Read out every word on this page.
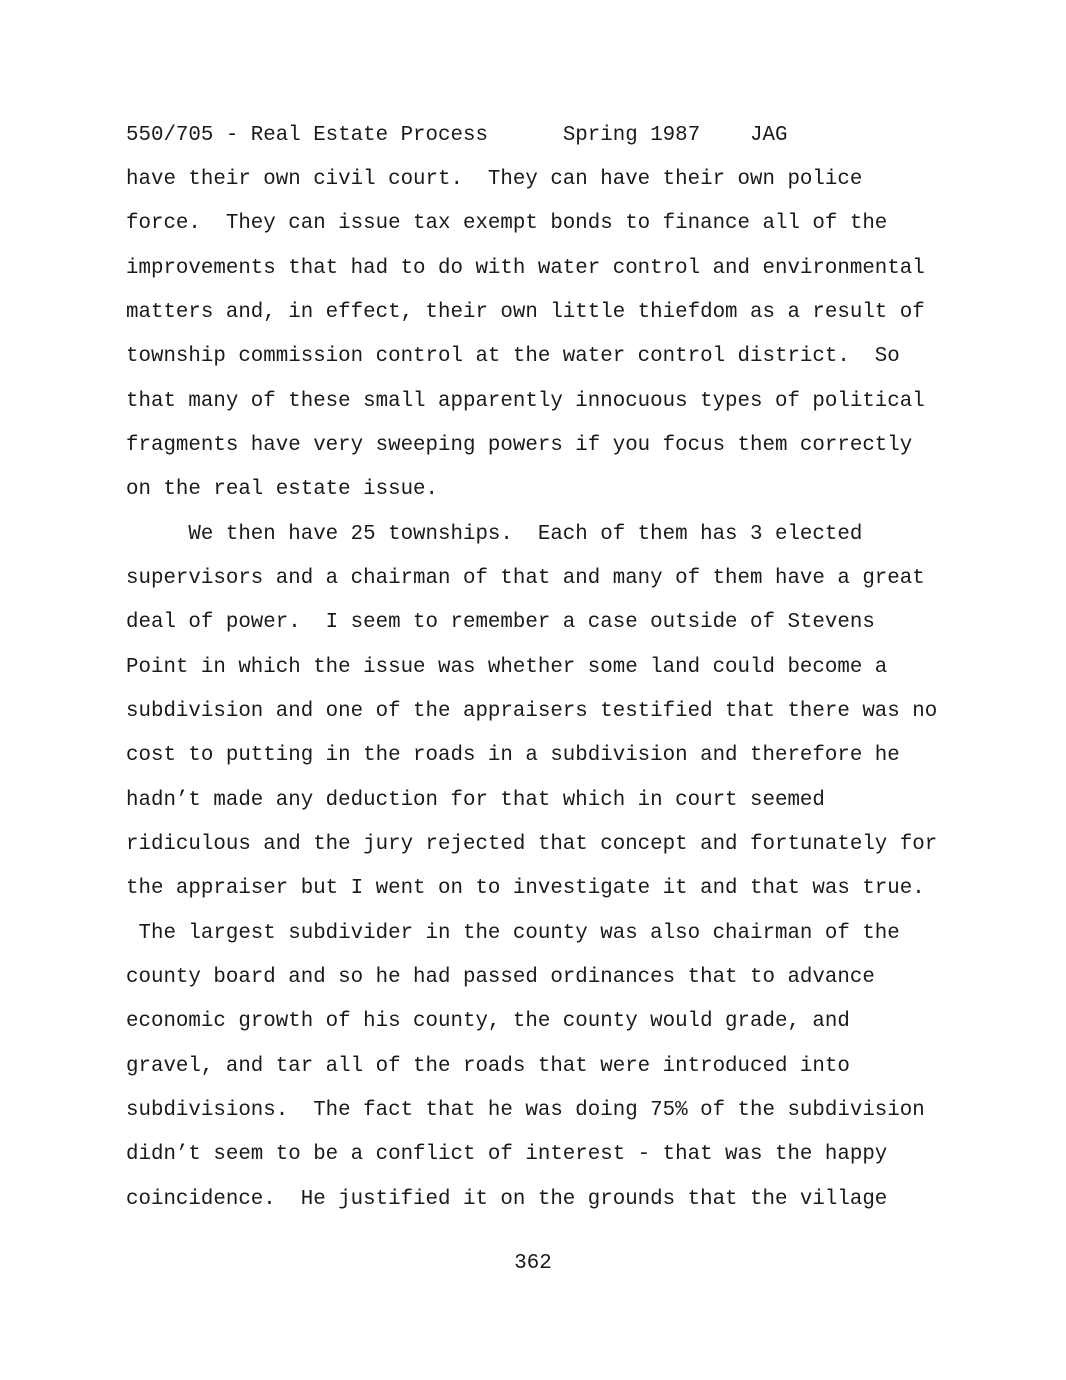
550/705 - Real Estate Process	Spring 1987 JAG
have their own civil court.  They can have their own police
force.  They can issue tax exempt bonds to finance all of the
improvements that had to do with water control and environmental
matters and, in effect, their own little thiefdom as a result of
township commission control at the water control district.  So
that many of these small apparently innocuous types of political
fragments have very sweeping powers if you focus them correctly
on the real estate issue.
We then have 25 townships.  Each of them has 3 elected
supervisors and a chairman of that and many of them have a great
deal of power.  I seem to remember a case outside of Stevens
Point in which the issue was whether some land could become a
subdivision and one of the appraisers testified that there was no
cost to putting in the roads in a subdivision and therefore he
hadn’t made any deduction for that which in court seemed
ridiculous and the jury rejected that concept and fortunately for
the appraiser but I went on to investigate it and that was true.
The largest subdivider in the county was also chairman of the
county board and so he had passed ordinances that to advance
economic growth of his county, the county would grade, and
gravel, and tar all of the roads that were introduced into
subdivisions.  The fact that he was doing 75% of the subdivision
didn’t seem to be a conflict of interest - that was the happy
coincidence.  He justified it on the grounds that the village
362
